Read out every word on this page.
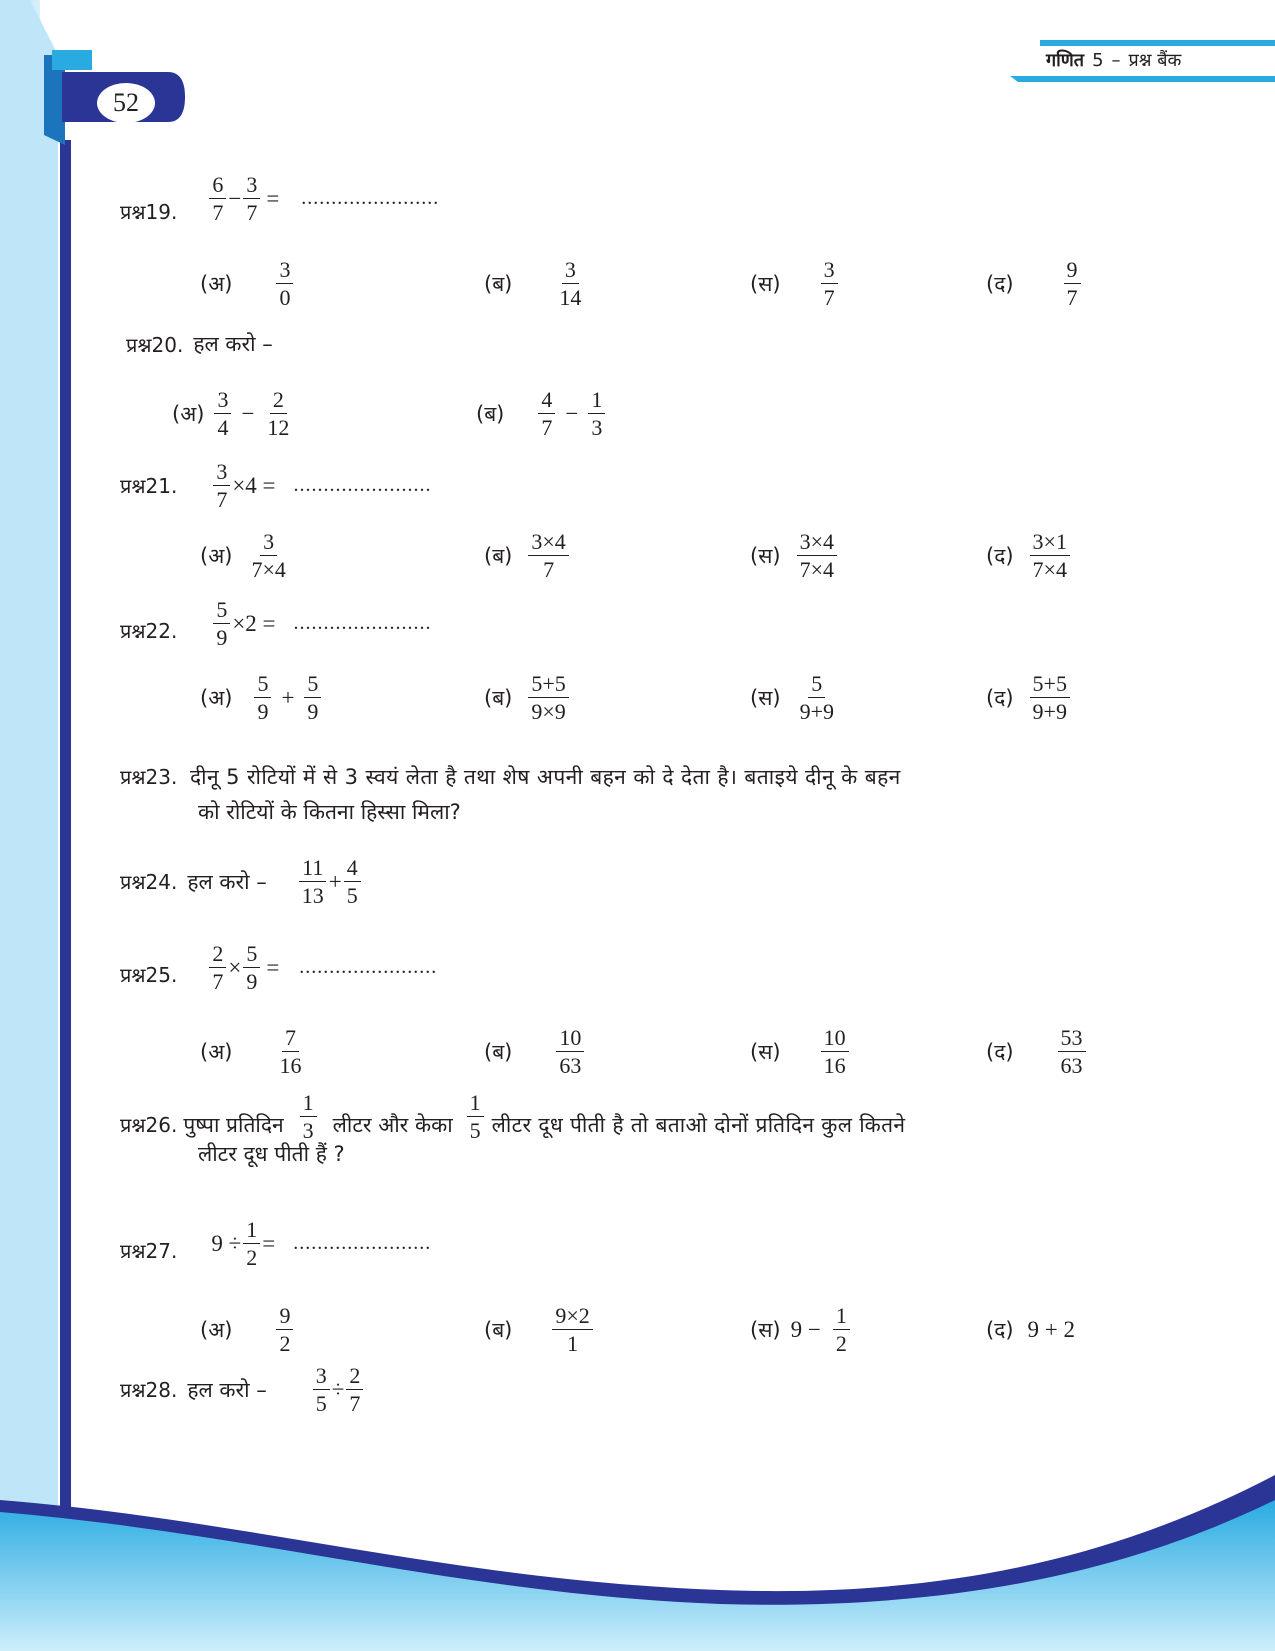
गणित 5 – प्रश्न बैंक
52
प्रश्न19. $\frac{6}{7} - \frac{3}{7}$ = .......................
(अ) $\frac{3}{0}$	(ब) $\frac{3}{14}$	(स) $\frac{3}{7}$	(द) $\frac{9}{7}$
प्रश्न20. हल करो –
(अ) $\frac{3}{4} - \frac{2}{12}$	(ब) $\frac{4}{7} - \frac{1}{3}$
प्रश्न21. $\frac{3}{7} \times 4$ = .......................
(अ) $\frac{3}{7\times 4}$	(ब) $\frac{3\times 4}{7}$	(स) $\frac{3\times 4}{7\times 4}$	(द) $\frac{3\times 1}{7\times 4}$
प्रश्न22. $\frac{5}{9} \times 2$ = .......................
(अ) $\frac{5}{9} + \frac{5}{9}$	(ब) $\frac{5+5}{9\times 9}$	(स) $\frac{5}{9+9}$	(द) $\frac{5+5}{9+9}$
प्रश्न23. दीनू 5 रोटियों में से 3 स्वयं लेता है तथा शेष अपनी बहन को दे देता है। बताइये दीनू के बहन
को रोटियों के कितना हिस्सा मिला?
प्रश्न24. हल करो – $\frac{11}{13} + \frac{4}{5}$
प्रश्न25. $\frac{2}{7} \times \frac{5}{9}$ = .......................
(अ) $\frac{7}{16}$	(ब) $\frac{10}{63}$	(स) $\frac{10}{16}$	(द) $\frac{53}{63}$
प्रश्न26. पुष्पा प्रतिदिन $\frac{1}{3}$ लीटर और केका $\frac{1}{5}$ लीटर दूध पीती है तो बताओ दोनों प्रतिदिन कुल कितने
लीटर दूध पीती हैं ?
प्रश्न27. $9 \div \frac{1}{2}$ = .......................
(अ) $\frac{9}{2}$	(ब) $\frac{9\times 2}{1}$	(स) $9 - \frac{1}{2}$	(द) 9 + 2
प्रश्न28. हल करो – $\frac{3}{5} \div \frac{2}{7}$
